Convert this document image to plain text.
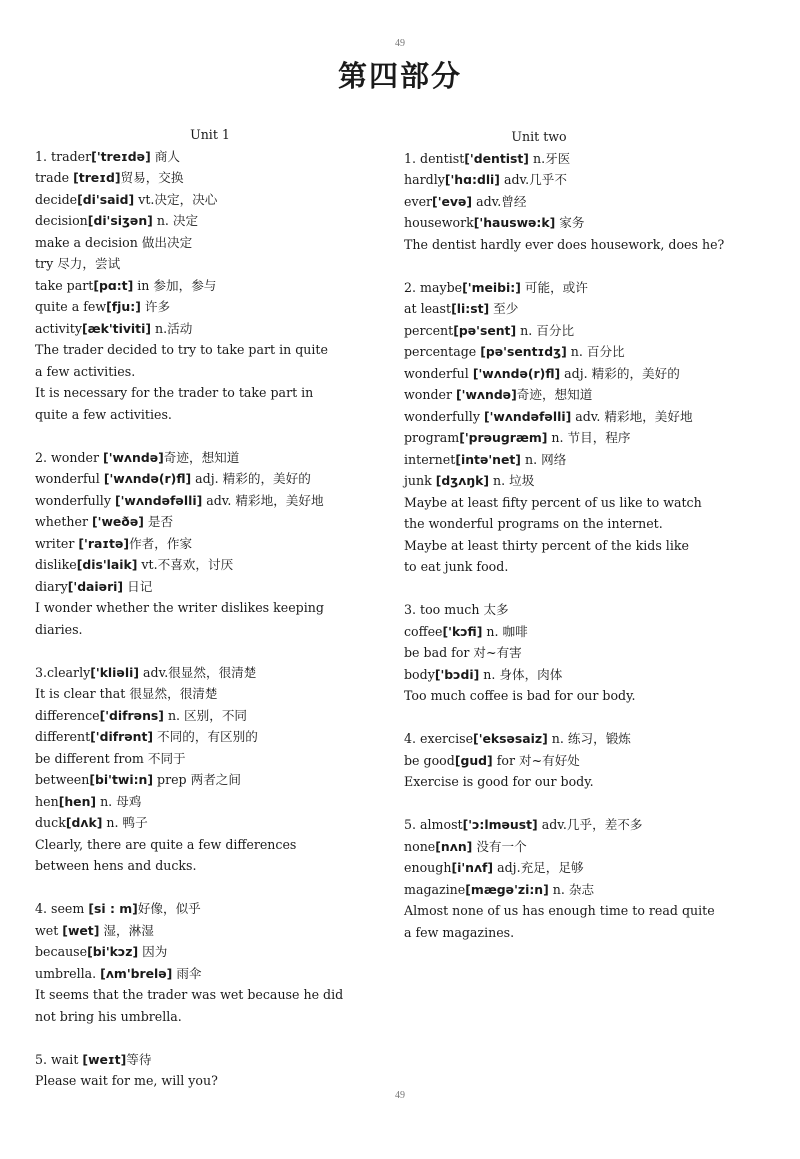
49
第四部分
Unit 1
1. trader['treɪdə] 商人
trade [treɪd]贸易，交换
decide[di'said] vt.决定，决心
decision[di'siʒən] n. 决定
make a decision 做出决定
try 尽力，尝试
take part[pɑ:t] in 参加，参与
quite a few[fju:] 许多
activity[æk'tiviti] n.活动
The trader decided to try to take part in quite
a few activities.
It is necessary for the trader to take part in
quite a few activities.
2. wonder ['wʌndə]奇迹，想知道
wonderful ['wʌndə(r)fl] adj. 精彩的，美好的
wonderfully ['wʌndəfəlli] adv. 精彩地，美好地
whether ['weðə] 是否
writer ['raɪtə]作者，作家
dislike[dis'laik] vt.不喜欢，讨厌
diary['daiəri] 日记
I wonder whether the writer dislikes keeping
diaries.
3.clearly['kliəli] adv.很显然，很清楚
It is clear that 很显然，很清楚
difference['difrəns] n. 区别，不同
different['difrənt] 不同的，有区别的
be different from 不同于
between[bi'twi:n] prep 两者之间
hen[hen] n. 母鸡
duck[dʌk] n. 鸭子
Clearly, there are quite a few differences
between hens and ducks.
4. seem [si : m]好像，似乎
wet [wet] 湿，淋湿
because[bi'kɔz] 因为
umbrella. [ʌm'brelə] 雨伞
It seems that the trader was wet because he did
not bring his umbrella.
5. wait [weɪt]等待
Please wait for me, will you?
Unit two
1. dentist['dentist] n.牙医
hardly['hɑ:dli] adv.几乎不
ever['evə] adv.曾经
housework['hauswə:k] 家务
The dentist hardly ever does housework, does he?
2. maybe['meibi:] 可能，或许
at least[li:st] 至少
percent[pə'sent] n. 百分比
percentage [pə'sentɪdʒ] n. 百分比
wonderful ['wʌndə(r)fl] adj. 精彩的，美好的
wonder ['wʌndə]奇迹，想知道
wonderfully ['wʌndəfəlli] adv. 精彩地，美好地
program['prəugræm] n. 节目，程序
internet[intə'net] n. 网络
junk [dʒʌŋk] n. 垃圾
Maybe at least fifty percent of us like to watch
the wonderful programs on the internet.
Maybe at least thirty percent of the kids like
to eat junk food.
3. too much 太多
coffee['kɔfi] n. 咖啡
be bad for 对~有害
body['bɔdi] n. 身体，肉体
Too much coffee is bad for our body.
4. exercise['eksəsaiz] n. 练习，锻炼
be good[gud] for 对~有好处
Exercise is good for our body.
5. almost['ɔ:lməust] adv.几乎，差不多
none[nʌn] 没有一个
enough[i'nʌf] adj.充足，足够
magazine[mægə'zi:n] n. 杂志
Almost none of us has enough time to read quite
a few magazines.
49
